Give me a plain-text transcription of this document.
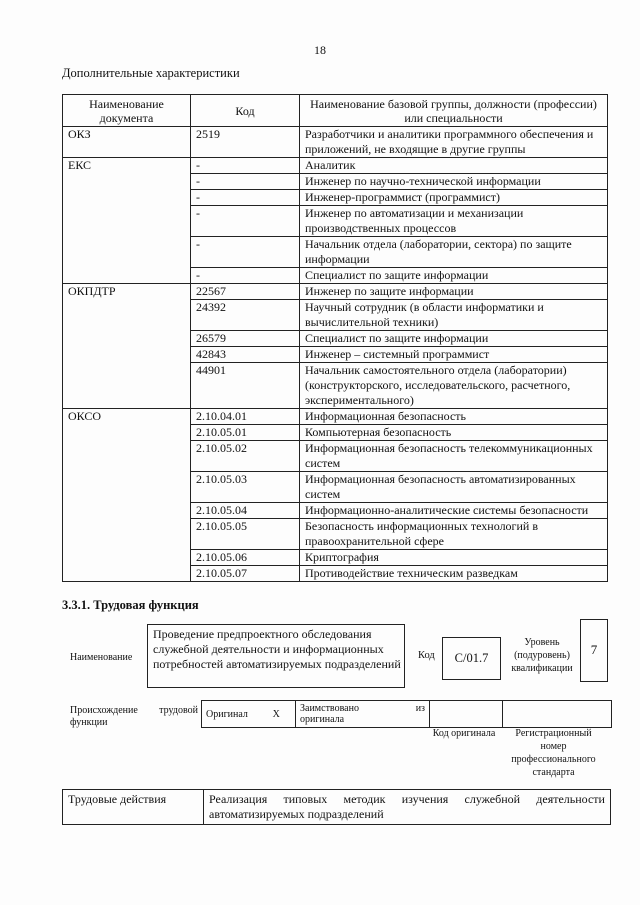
18
Дополнительные характеристики
Наименование документа	Код	Наименование базовой группы, должности (профессии) или специальности
ОКЗ	2519	Разработчики и аналитики программного обеспечения и приложений, не входящие в другие группы
ЕКС	-	Аналитик
	-	Инженер по научно-технической информации
	-	Инженер-программист (программист)
	-	Инженер по автоматизации и механизации производственных процессов
	-	Начальник отдела (лаборатории, сектора) по защите информации
	-	Специалист по защите информации
ОКПДТР	22567	Инженер по защите информации
	24392	Научный сотрудник (в области информатики и вычислительной техники)
	26579	Специалист по защите информации
	42843	Инженер – системный программист
	44901	Начальник самостоятельного отдела (лаборатории) (конструкторского, исследовательского, расчетного, экспериментального)
ОКСО	2.10.04.01	Информационная безопасность
	2.10.05.01	Компьютерная безопасность
	2.10.05.02	Информационная безопасность телекоммуникационных систем
	2.10.05.03	Информационная безопасность автоматизированных систем
	2.10.05.04	Информационно-аналитические системы безопасности
	2.10.05.05	Безопасность информационных технологий в правоохранительной сфере
	2.10.05.06	Криптография
	2.10.05.07	Противодействие техническим разведкам
3.3.1. Трудовая функция
Наименование
Проведение предпроектного обследования служебной деятельности и информационных потребностей автоматизируемых подразделений
Код	С/01.7
Уровень (подуровень) квалификации
7
Происхождение трудовой
функции
Оригинал	X	Заимствовано	из
оригинала

Код оригинала	Регистрационный номер профессионального стандарта
Трудовые действия	Реализация типовых методик изучения служебной деятельности
автоматизируемых подразделений
